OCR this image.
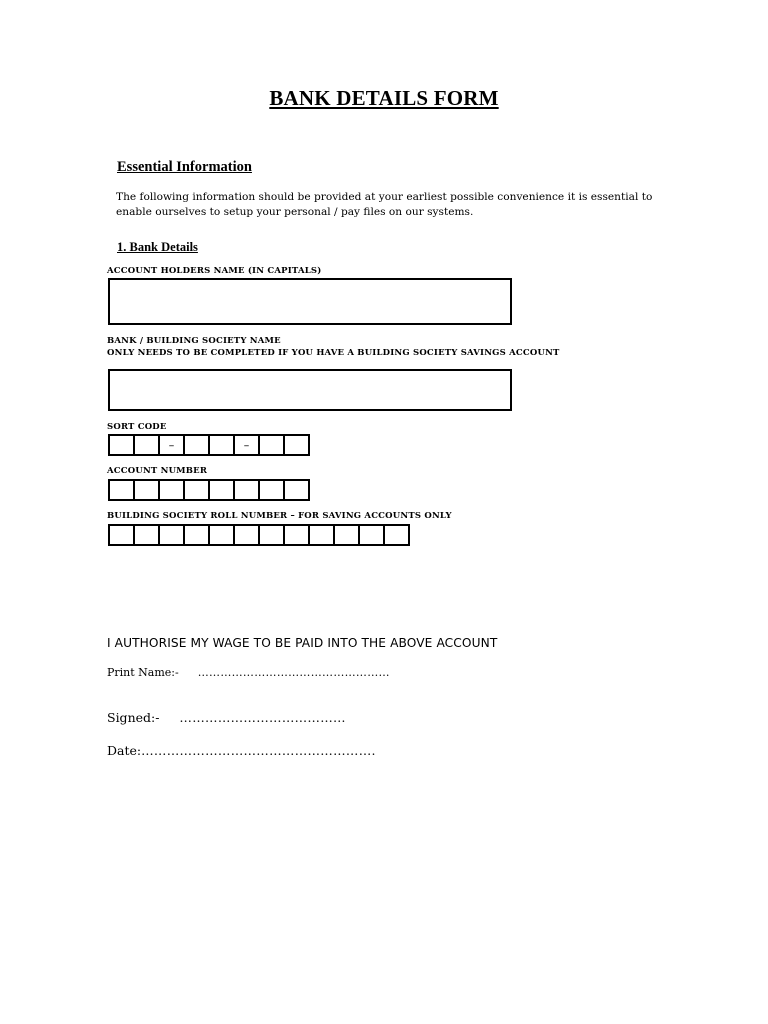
BANK DETAILS FORM
Essential Information
The following information should be provided at your earliest possible convenience it is essential to
enable ourselves to setup your personal / pay files on our systems.
1. Bank Details
ACCOUNT HOLDERS NAME (IN CAPITALS)
BANK / BUILDING SOCIETY NAME
ONLY NEEDS TO BE COMPLETED IF YOU HAVE A BUILDING SOCIETY SAVINGS ACCOUNT
SORT CODE
–	–
ACCOUNT NUMBER
BUILDING SOCIETY ROLL NUMBER – FOR SAVING ACCOUNTS ONLY
I AUTHORISE MY WAGE TO BE PAID INTO THE ABOVE ACCOUNT
Print Name:- ……………………………………………
Signed:- …………………………………
Date:……………………………………………….
